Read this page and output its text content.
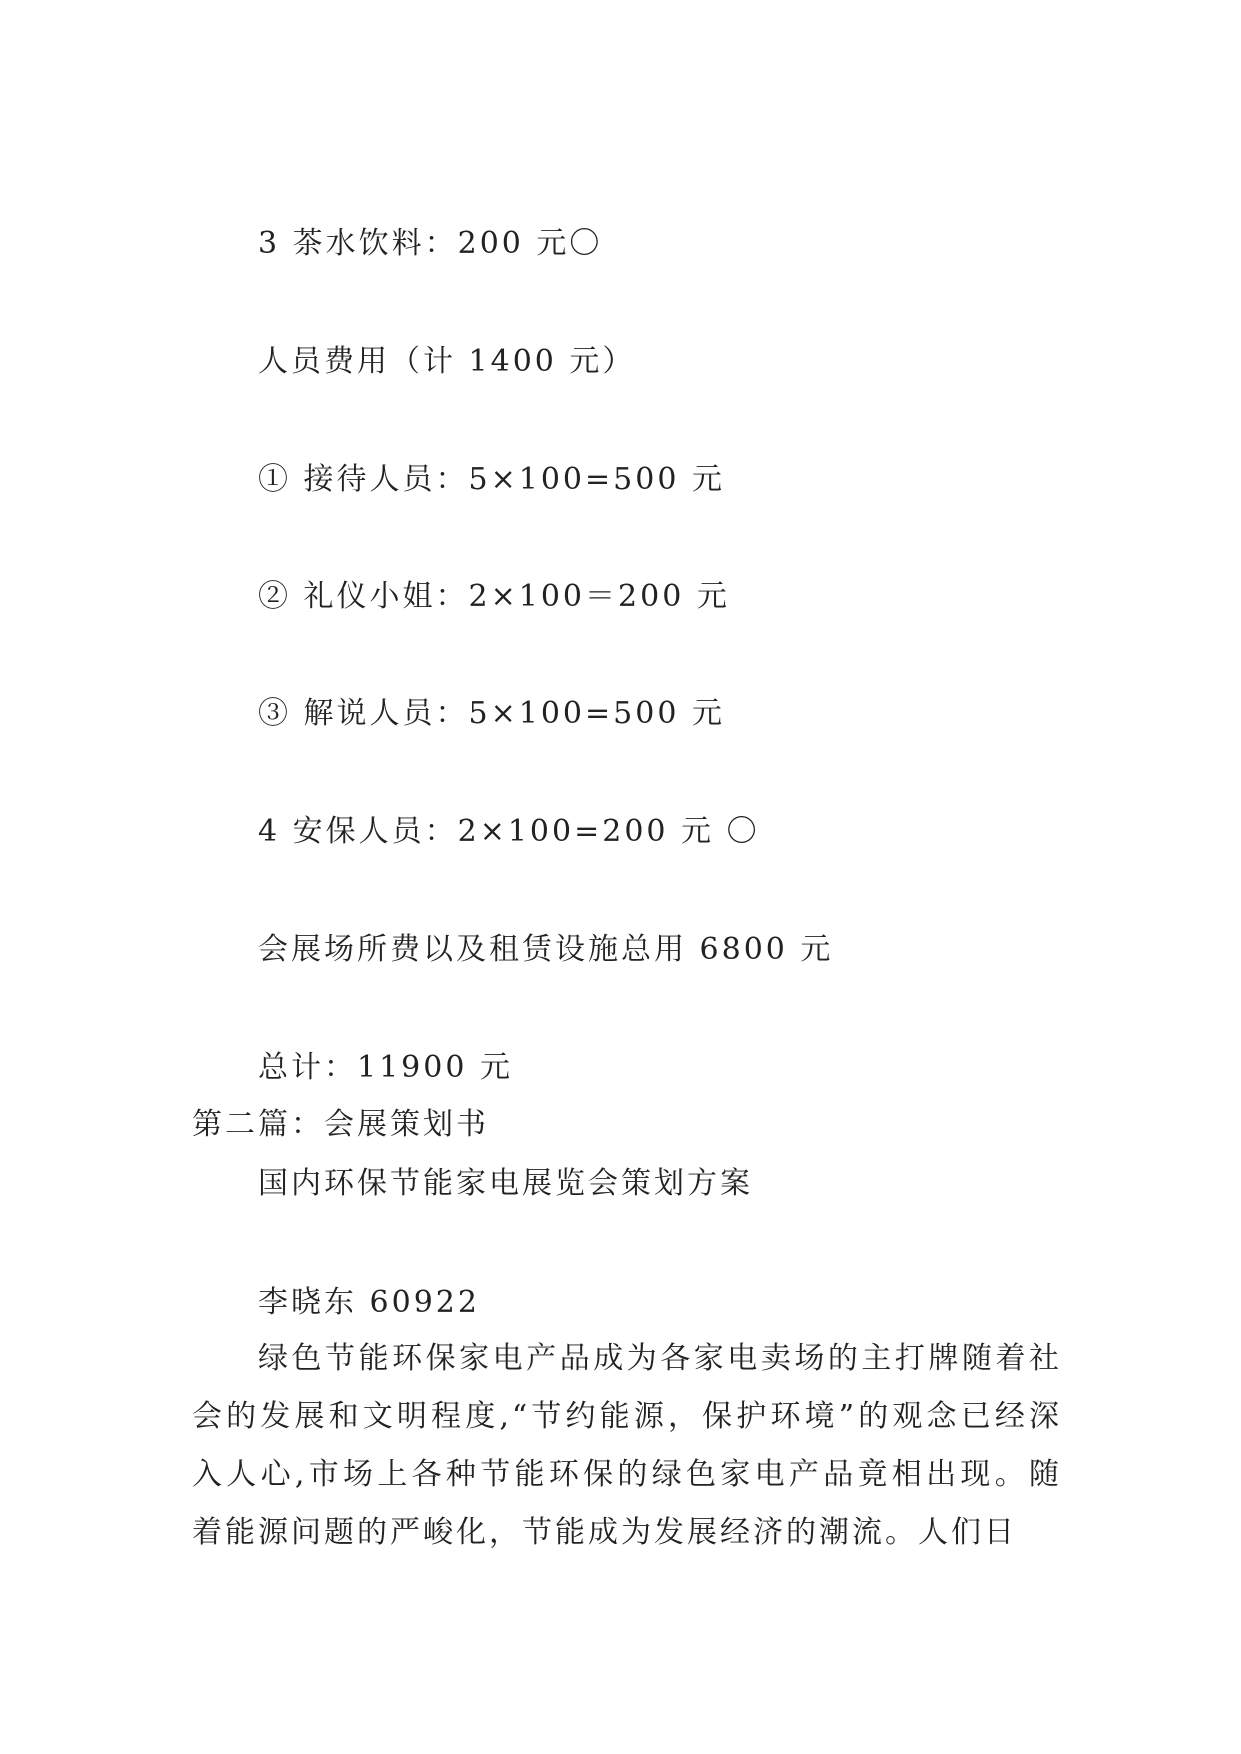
3 茶水饮料：200 元〇
人员费用（计 1400 元）
① 接待人员：5×100=500 元
② 礼仪小姐：2×100＝200 元
③ 解说人员：5×100=500 元
4 安保人员：2×100=200 元 〇
会展场所费以及租赁设施总用 6800 元
总计：11900 元
第二篇：会展策划书
国内环保节能家电展览会策划方案
李晓东 60922
绿色节能环保家电产品成为各家电卖场的主打牌随着社会的发展和文明程度,“节约能源，保护环境”的观念已经深入人心,市场上各种节能环保的绿色家电产品竟相出现。随着能源问题的严峻化，节能成为发展经济的潮流。人们日
